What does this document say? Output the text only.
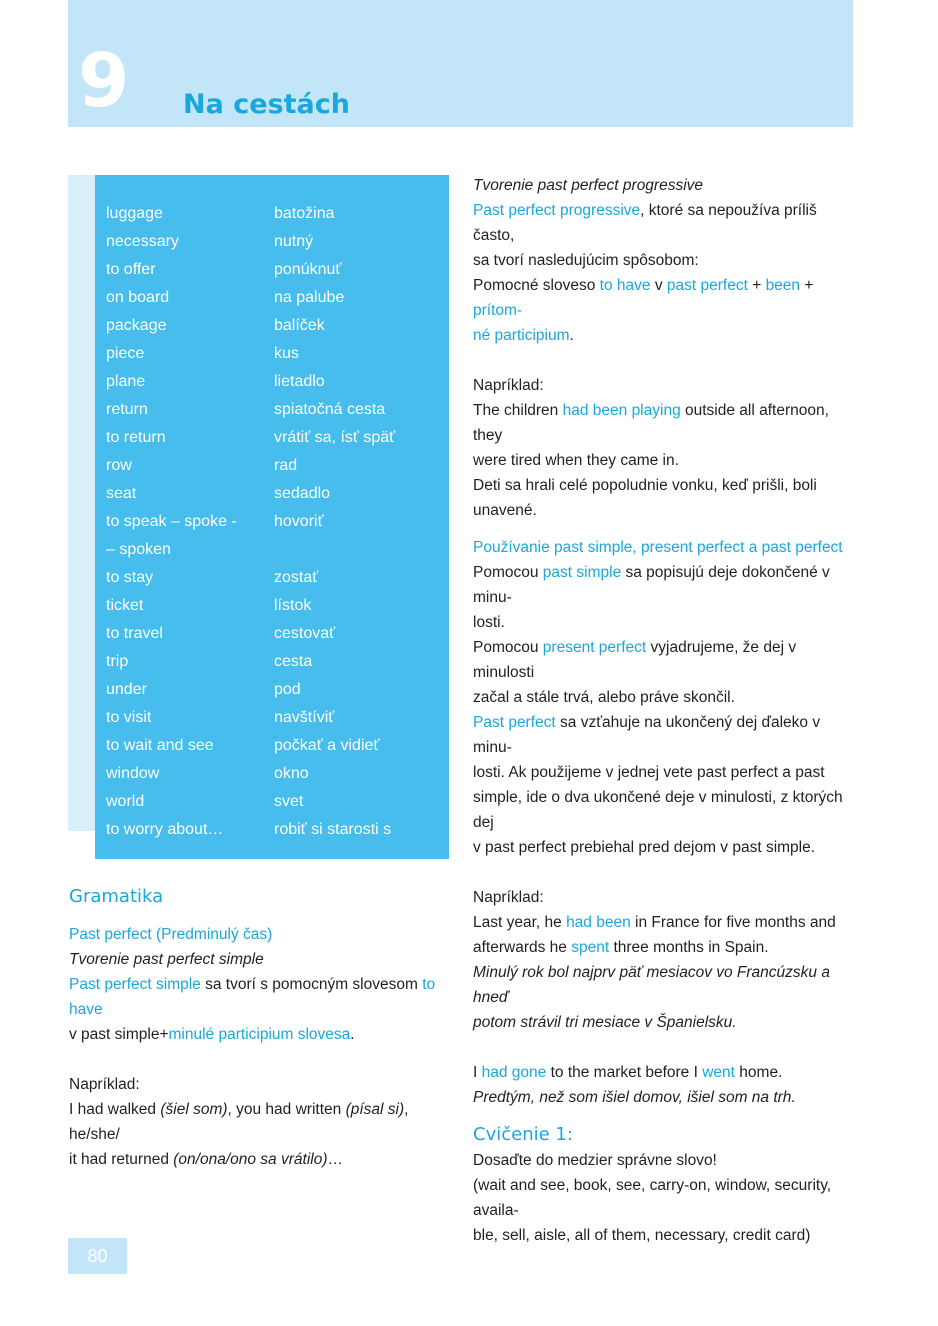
9 Na cestách
luggage	batožina
necessary	nutný
to offer	ponúknuť
on board	na palube
package	balíček
piece	kus
plane	lietadlo
return	spiatočná cesta
to return	vrátiť sa, ísť späť
row	rad
seat	sedadlo
to speak – spoke -	hovoriť
– spoken
to stay	zostať
ticket	lístok
to travel	cestovať
trip	cesta
under	pod
to visit	navštíviť
to wait and see	počkať a vidieť
window	okno
world	svet
to worry about…	robiť si starosti s

Gramatika

Past perfect (Predminulý čas)

Tvorenie past perfect simple

Past perfect simple sa tvorí s pomocným slovesom to have
v past simple+minulé participium slovesa.

Napríklad:

I had walked (šiel som), you had written (písal si), he/she/
it had returned (on/ona/ono sa vrátilo)…

Tvorenie past perfect progressive

Past perfect progressive, ktoré sa nepoužíva príliš často,
sa tvorí nasledujúcim spôsobom:

Pomocné sloveso to have v past perfect + been + prítom-
né participium.

Napríklad:

The children had been playing outside all afternoon, they
were tired when they came in.

Deti sa hrali celé popoludnie vonku, keď prišli, boli
unavené.

Používanie past simple, present perfect a past perfect

Pomocou past simple sa popisujú deje dokončené v minu-
losti.

Pomocou present perfect vyjadrujeme, že dej v minulosti
začal a stále trvá, alebo práve skončil.

Past perfect sa vzťahuje na ukončený dej ďaleko v minu-
losti. Ak použijeme v jednej vete past perfect a past
simple, ide o dva ukončené deje v minulosti, z ktorých dej
v past perfect prebiehal pred dejom v past simple.

Napríklad:

Last year, he had been in France for five months and
afterwards he spent three months in Spain.

Minulý rok bol najprv päť mesiacov vo Francúzsku a hneď
potom strávil tri mesiace v Španielsku.

I had gone to the market before I went home.

Predtým, než som išiel domov, išiel som na trh.

Cvičenie 1:

Dosaďte do medzier správne slovo!

(wait and see, book, see, carry-on, window, security, availa-
ble, sell, aisle, all of them, necessary, credit card)

80
